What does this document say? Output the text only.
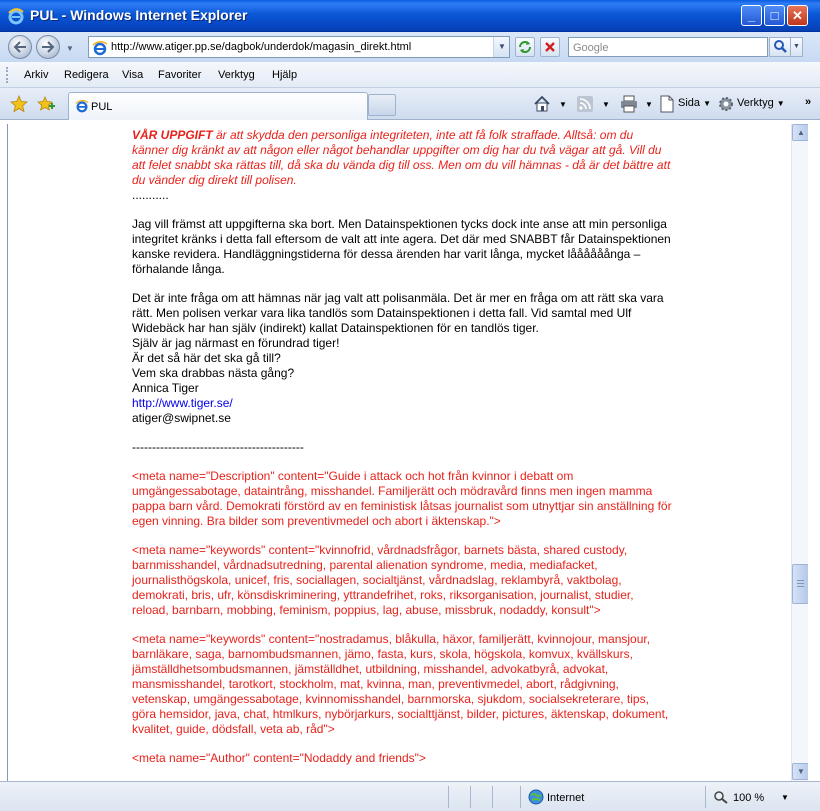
PUL - Windows Internet Explorer	_	□	✕
▼	http://www.atiger.pp.se/dagbok/underdok/magasin_direkt.html	▼	Google	▼
Arkiv Redigera Visa Favoriter Verktyg Hjälp
PUL	▼	▼	▼ Sida ▼ Verktyg ▼ »

VÅR UPPGIFT är att skydda den personliga integriteten, inte att få folk straffade. Alltså: om du känner dig kränkt av att någon eller något behandlar uppgifter om dig har du två vägar att gå. Vill du att felet snabbt ska rättas till, då ska du vända dig till oss. Men om du vill hämnas - då är det bättre att du vänder dig direkt till polisen.

...........

Jag vill främst att uppgifterna ska bort. Men Datainspektionen tycks dock inte anse att min personliga integritet kränks i detta fall eftersom de valt att inte agera. Det där med SNABBT får Datainspektionen kanske revidera. Handläggningstiderna för dessa ärenden har varit långa, mycket låååååånga – förhalande långa.

Det är inte fråga om att hämnas när jag valt att polisanmäla. Det är mer en fråga om att rätt ska vara rätt. Men polisen verkar vara lika tandlös som Datainspektionen i detta fall. Vid samtal med Ulf Widebäck har han själv (indirekt) kallat Datainspektionen för en tandlös tiger.

Själv är jag närmast en förundrad tiger!

Är det så här det ska gå till?

Vem ska drabbas nästa gång?

Annica Tiger

http://www.tiger.se/

atiger@swipnet.se

-------------------------------------------

<meta name="Description" content="Guide i attack och hot från kvinnor i debatt om umgängessabotage, dataintrång, misshandel. Familjerätt och mödravård finns men ingen mamma pappa barn vård. Demokrati förstörd av en feministisk låtsas journalist som utnyttjar sin anställning för egen vinning. Bra bilder som preventivmedel och abort i äktenskap.">

<meta name="keywords" content="kvinnofrid, vårdnadsfrågor, barnets bästa, shared custody, barnmisshandel, vårdnadsutredning, parental alienation syndrome, media, mediafacket, journalisthögskola, unicef, fris, sociallagen, socialtjänst, vårdnadslag, reklambyrå, vaktbolag, demokrati, bris, ufr, könsdiskriminering, yttrandefrihet, roks, riksorganisation, journalist, studier, reload, barnbarn, mobbing, feminism, poppius, lag, abuse, missbruk, nodaddy, konsult">

<meta name="keywords" content="nostradamus, blåkulla, häxor, familjerätt, kvinnojour, mansjour, barnläkare, saga, barnombudsmannen, jämo, fasta, kurs, skola, högskola, komvux, kvällskurs, jämställdhetsombudsmannen, jämställdhet, utbildning, misshandel, advokatbyrå, advokat, mansmisshandel, tarotkort, stockholm, mat, kvinna, man, preventivmedel, abort, rådgivning, vetenskap, umgängessabotage, kvinnomisshandel, barnmorska, sjukdom, socialsekreterare, tips, göra hemsidor, java, chat, htmlkurs, nybörjarkurs, socialttjänst, bilder, pictures, äktenskap, dokument, kvalitet, guide, dödsfall, veta ab, råd">

<meta name="Author" content="Nodaddy and friends">

▲
▼
Internet	100 % ▼
